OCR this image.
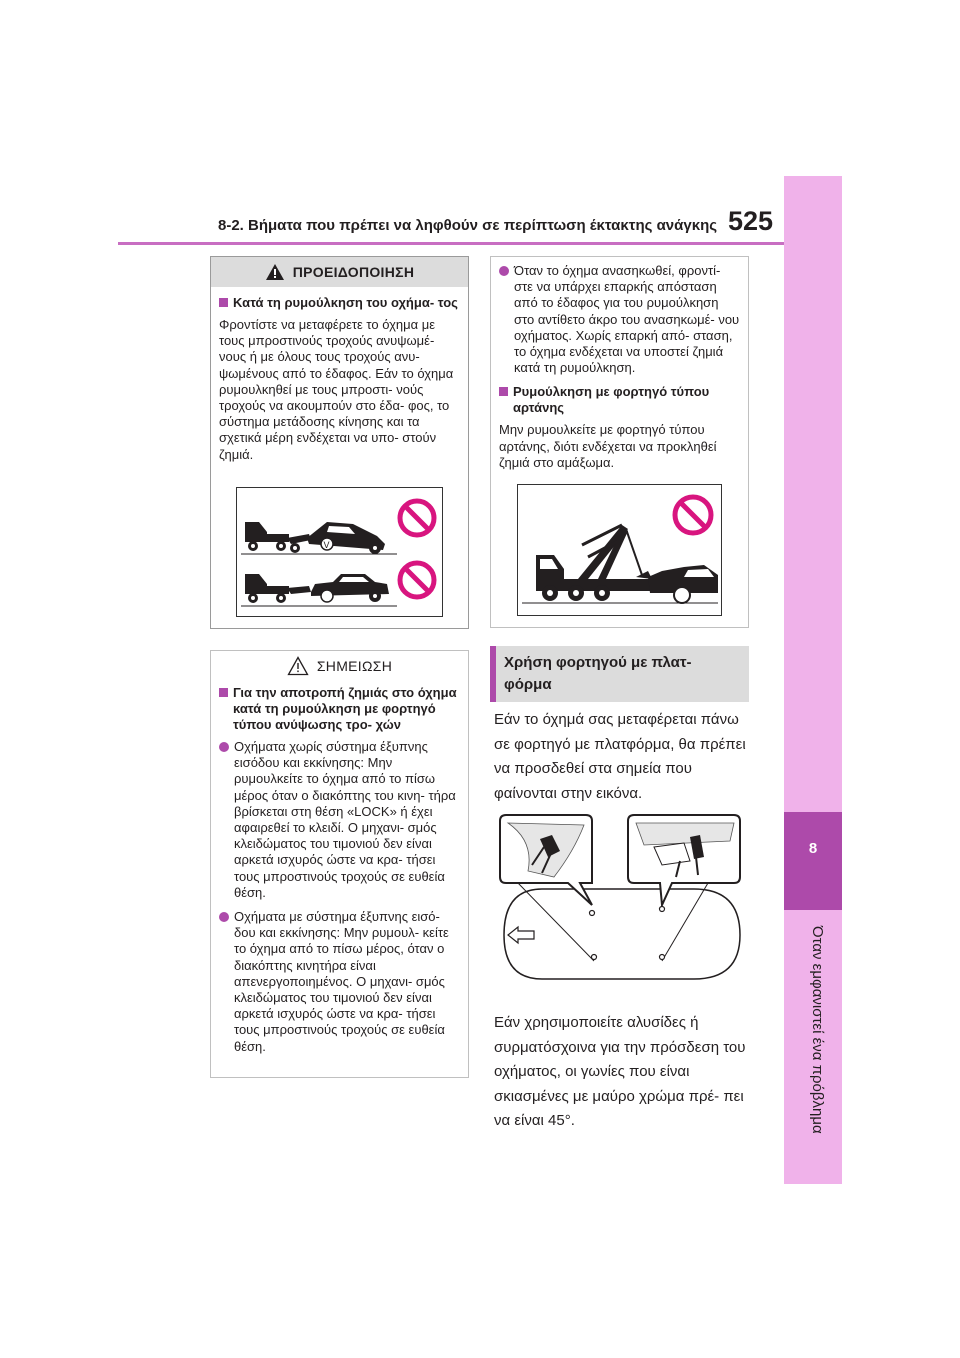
8
Όταν εμφανιστεί ένα πρόβλημα
8-2. Βήματα που πρέπει να ληφθούν σε περίπτωση έκτακτης ανάγκης 525
ΠΡΟΕΙΔΟΠΟΙΗΣΗ
Κατά τη ρυμούλκηση του οχήμα- τος
Φροντίστε να μεταφέρετε το όχημα με τους μπροστινούς τροχούς ανυψωμέ- νους ή με όλους τους τροχούς ανυ- ψωμένους από το έδαφος. Εάν το όχημα ρυμουλκηθεί με τους μπροστι- νούς τροχούς να ακουμπούν στο έδα- φος, το σύστημα μετάδοσης κίνησης και τα σχετικά μέρη ενδέχεται να υπο- στούν ζημιά.
V
ΣΗΜΕΙΩΣΗ
Για την αποτροπή ζημιάς στο όχημα κατά τη ρυμούλκηση με φορτηγό τύπου ανύψωσης τρο- χών
Οχήματα χωρίς σύστημα έξυπνης εισόδου και εκκίνησης: Μην ρυμουλκείτε το όχημα από το πίσω μέρος όταν ο διακόπτης του κινη- τήρα βρίσκεται στη θέση «LOCK» ή έχει αφαιρεθεί το κλειδί. Ο μηχανι- σμός κλειδώματος του τιμονιού δεν είναι αρκετά ισχυρός ώστε να κρα- τήσει τους μπροστινούς τροχούς σε ευθεία θέση.
Οχήματα με σύστημα έξυπνης εισό- δου και εκκίνησης: Μην ρυμουλ- κείτε το όχημα από το πίσω μέρος, όταν ο διακόπτης κινητήρα είναι απενεργοποιημένος. Ο μηχανι- σμός κλειδώματος του τιμονιού δεν είναι αρκετά ισχυρός ώστε να κρα- τήσει τους μπροστινούς τροχούς σε ευθεία θέση.
Όταν το όχημα ανασηκωθεί, φροντί- στε να υπάρχει επαρκής απόσταση από το έδαφος για του ρυμούλκηση στο αντίθετο άκρο του ανασηκωμέ- νου οχήματος. Χωρίς επαρκή από- σταση, το όχημα ενδέχεται να υποστεί ζημιά κατά τη ρυμούλκηση.
Ρυμούλκηση με φορτηγό τύπου αρτάνης
Μην ρυμουλκείτε με φορτηγό τύπου αρτάνης, διότι ενδέχεται να προκληθεί ζημιά στο αμάξωμα.
Χρήση φορτηγού με πλατ- φόρμα
Εάν το όχημά σας μεταφέρεται πάνω σε φορτηγό με πλατφόρμα, θα πρέπει να προσδεθεί στα σημεία που φαίνονται στην εικόνα.
Εάν χρησιμοποιείτε αλυσίδες ή συρματόσχοινα για την πρόσδεση του οχήματος, οι γωνίες που είναι σκιασμένες με μαύρο χρώμα πρέ- πει να είναι 45°.
